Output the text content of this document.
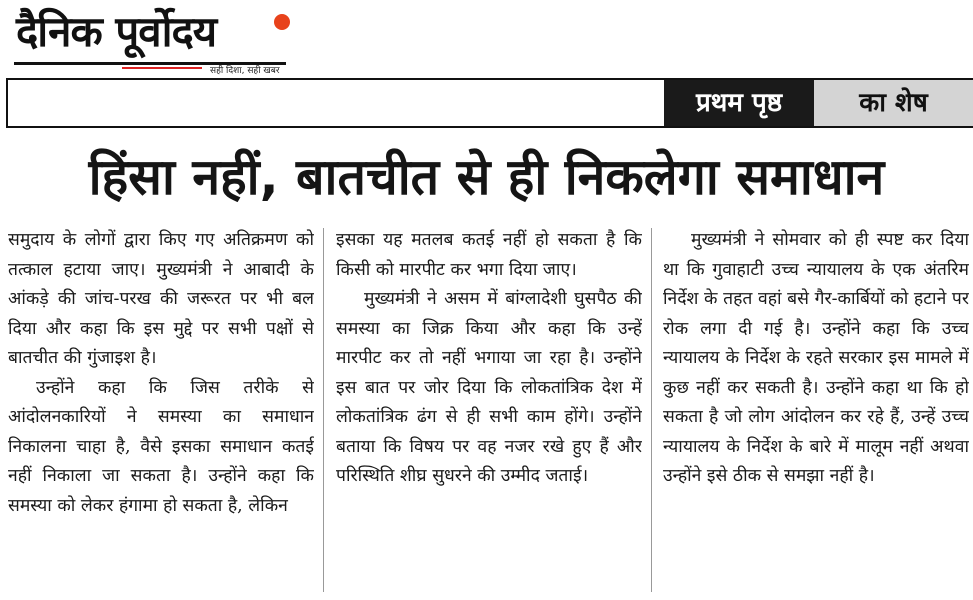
दैनिक पूर्वोदय
सही दिशा, सही खबर
प्रथम पृष्ठ	का शेष
हिंसा नहीं, बातचीत से ही निकलेगा समाधान

समुदाय के लोगों द्वारा किए गए अतिक्रमण को तत्काल हटाया जाए। मुख्यमंत्री ने आबादी के आंकड़े की जांच-परख की जरूरत पर भी बल दिया और कहा कि इस मुद्दे पर सभी पक्षों से बातचीत की गुंजाइश है।

उन्होंने कहा कि जिस तरीके से आंदोलनकारियों ने समस्या का समाधान निकालना चाहा है, वैसे इसका समाधान कतई नहीं निकाला जा सकता है। उन्होंने कहा कि समस्या को लेकर हंगामा हो सकता है, लेकिन

इसका यह मतलब कतई नहीं हो सकता है कि किसी को मारपीट कर भगा दिया जाए।

मुख्यमंत्री ने असम में बांग्लादेशी घुसपैठ की समस्या का जिक्र किया और कहा कि उन्हें मारपीट कर तो नहीं भगाया जा रहा है। उन्होंने इस बात पर जोर दिया कि लोकतांत्रिक देश में लोकतांत्रिक ढंग से ही सभी काम होंगे। उन्होंने बताया कि विषय पर वह नजर रखे हुए हैं और परिस्थिति शीघ्र सुधरने की उम्मीद जताई।

मुख्यमंत्री ने सोमवार को ही स्पष्ट कर दिया था कि गुवाहाटी उच्च न्यायालय के एक अंतरिम निर्देश के तहत वहां बसे गैर-कार्बियों को हटाने पर रोक लगा दी गई है। उन्होंने कहा कि उच्च न्यायालय के निर्देश के रहते सरकार इस मामले में कुछ नहीं कर सकती है। उन्होंने कहा था कि हो सकता है जो लोग आंदोलन कर रहे हैं, उन्हें उच्च न्यायालय के निर्देश के बारे में मालूम नहीं अथवा उन्होंने इसे ठीक से समझा नहीं है।
